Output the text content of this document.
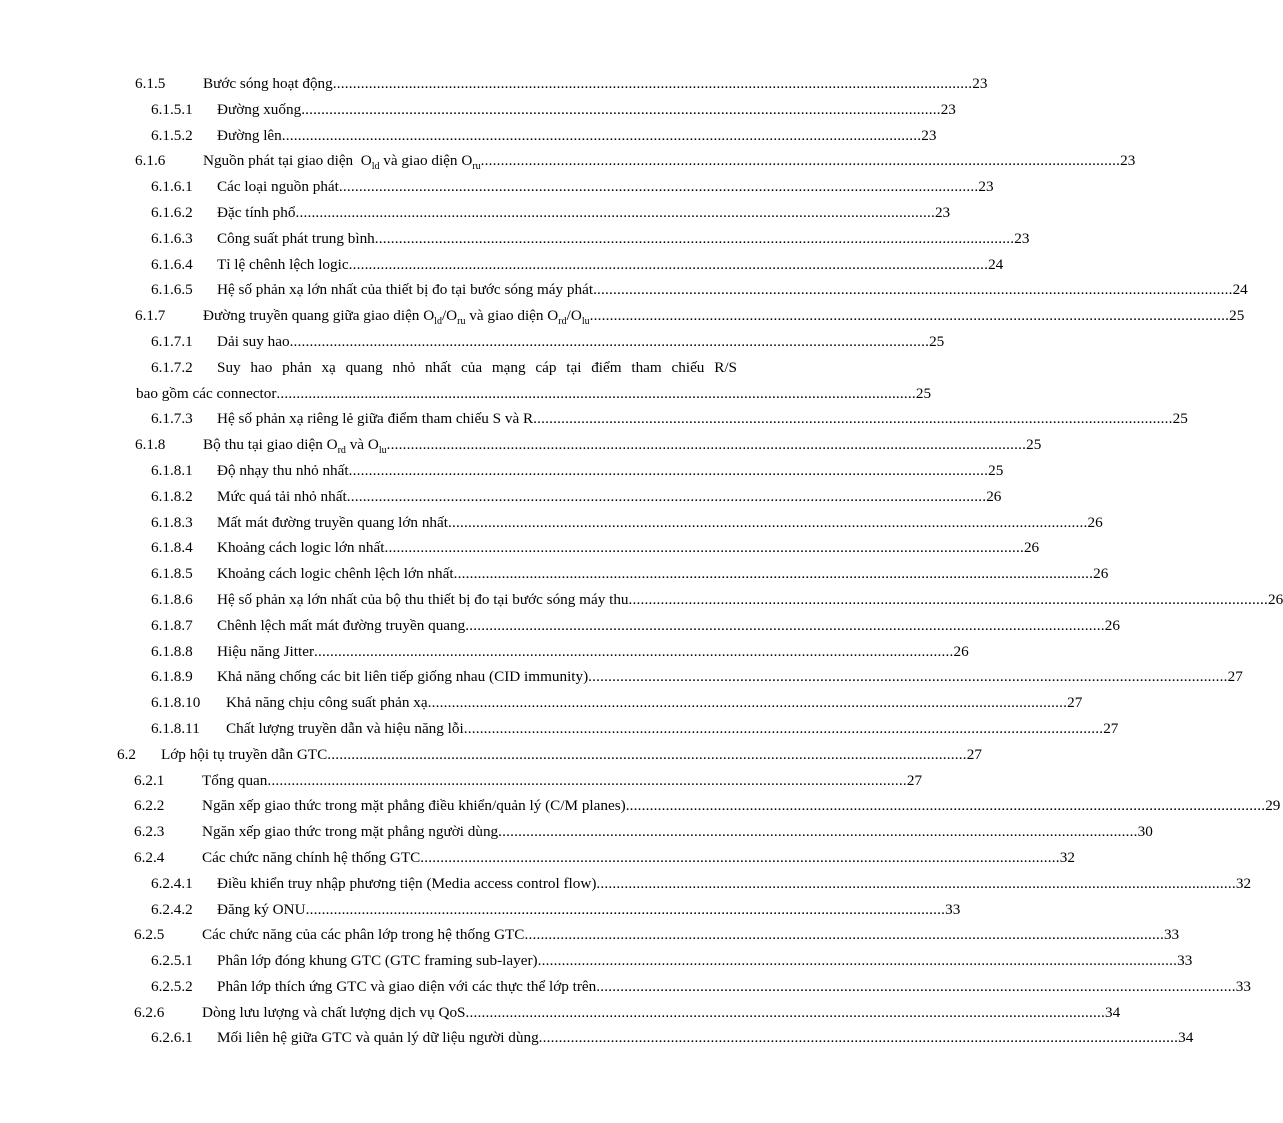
6.1.5	Bước sóng hoạt động ................................................................................................................................................................ 23
6.1.5.1	Đường xuống ................................................................................................................................................................ 23
6.1.5.2	Đường lên ................................................................................................................................................................ 23
6.1.6	Nguồn phát tại giao diện  $O_{ld}$ và giao diện $O_{ru}$ ................................................................................................................................................................ 23
6.1.6.1	Các loại nguồn phát ................................................................................................................................................................ 23
6.1.6.2	Đặc tính phổ ................................................................................................................................................................ 23
6.1.6.3	Công suất phát trung bình ................................................................................................................................................................ 23
6.1.6.4	Tỉ lệ chênh lệch logic ................................................................................................................................................................ 24
6.1.6.5	Hệ số phản xạ lớn nhất của thiết bị đo tại bước sóng máy phát ................................................................................................................................................................ 24
6.1.7	Đường truyền quang giữa giao diện $O_{ld}/O_{ru}$ và giao diện $O_{rd}/O_{lu}$ ................................................................................................................................................................ 25
6.1.7.1	Dải suy hao ................................................................................................................................................................ 25
6.1.7.2	Suy hao phản xạ quang nhỏ nhất của mạng cáp tại điểm tham chiếu R/S
bao gồm các connector ................................................................................................................................................................ 25
6.1.7.3	Hệ số phản xạ riêng lẻ giữa điểm tham chiếu S và R ................................................................................................................................................................ 25
6.1.8	Bộ thu tại giao diện $O_{rd}$ và $O_{lu}$ ................................................................................................................................................................ 25
6.1.8.1	Độ nhạy thu nhỏ nhất ................................................................................................................................................................ 25
6.1.8.2	Mức quá tải nhỏ nhất ................................................................................................................................................................ 26
6.1.8.3	Mất mát đường truyền quang lớn nhất ................................................................................................................................................................ 26
6.1.8.4	Khoảng cách logic lớn nhất ................................................................................................................................................................ 26
6.1.8.5	Khoảng cách logic chênh lệch lớn nhất ................................................................................................................................................................ 26
6.1.8.6	Hệ số phản xạ lớn nhất của bộ thu thiết bị đo tại bước sóng máy thu ................................................................................................................................................................ 26
6.1.8.7	Chênh lệch mất mát đường truyền quang ................................................................................................................................................................ 26
6.1.8.8	Hiệu năng Jitter ................................................................................................................................................................ 26
6.1.8.9	Khả năng chống các bit liên tiếp giống nhau (CID immunity) ................................................................................................................................................................ 27
6.1.8.10	Khả năng chịu công suất phản xạ ................................................................................................................................................................ 27
6.1.8.11	Chất lượng truyền dẫn và hiệu năng lỗi ................................................................................................................................................................ 27
6.2	Lớp hội tụ truyền dẫn GTC ................................................................................................................................................................ 27
6.2.1	Tổng quan ................................................................................................................................................................ 27
6.2.2	Ngăn xếp giao thức trong mặt phẳng điều khiển/quản lý (C/M planes) ................................................................................................................................................................ 29
6.2.3	Ngăn xếp giao thức trong mặt phẳng người dùng ................................................................................................................................................................ 30
6.2.4	Các chức năng chính hệ thống GTC ................................................................................................................................................................ 32
6.2.4.1	Điều khiển truy nhập phương tiện (Media access control flow) ................................................................................................................................................................ 32
6.2.4.2	Đăng ký ONU ................................................................................................................................................................ 33
6.2.5	Các chức năng của các phân lớp trong hệ thống GTC ................................................................................................................................................................ 33
6.2.5.1	Phân lớp đóng khung GTC (GTC framing sub-layer) ................................................................................................................................................................ 33
6.2.5.2	Phân lớp thích ứng GTC và giao diện với các thực thể lớp trên ................................................................................................................................................................ 33
6.2.6	Dòng lưu lượng và chất lượng dịch vụ QoS ................................................................................................................................................................ 34
6.2.6.1	Mối liên hệ giữa GTC và quản lý dữ liệu người dùng ................................................................................................................................................................ 34
